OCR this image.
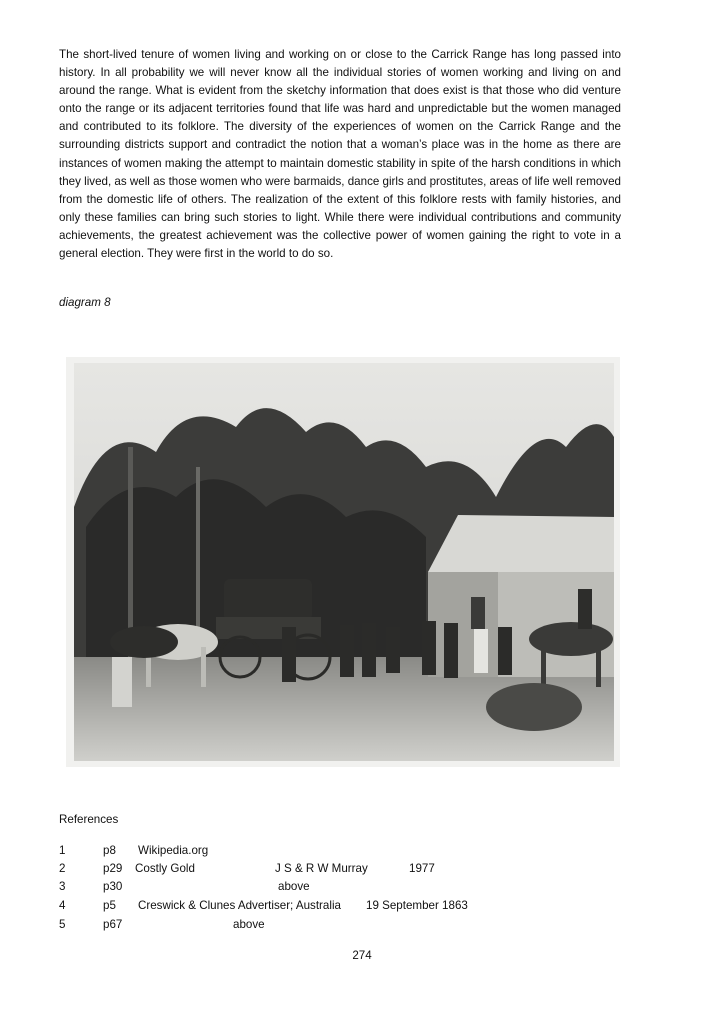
The short-lived tenure of women living and working on or close to the Carrick Range has long passed into history. In all probability we will never know all the individual stories of women working and living on and around the range. What is evident from the sketchy information that does exist is that those who did venture onto the range or its adjacent territories found that life was hard and unpredictable but the women managed and contributed to its folklore. The diversity of the experiences of women on the Carrick Range and the surrounding districts support and contradict the notion that a woman’s place was in the home as there are instances of women making the attempt to maintain domestic stability in spite of the harsh conditions in which they lived, as well as those women who were barmaids, dance girls and prostitutes, areas of life well removed from the domestic life of others. The realization of the extent of this folklore rests with family histories, and only these families can bring such stories to light. While there were individual contributions and community achievements, the greatest achievement was the collective power of women gaining the right to vote in a general election. They were first in the world to do so.

diagram 8
References
1	p8 Wikipedia.org
2	p29 Costly Gold	J S & R W Murray	1977
3	p30	above
4	p5 Creswick & Clunes Advertiser; Australia 19 September 1863
5	p67	above
274
